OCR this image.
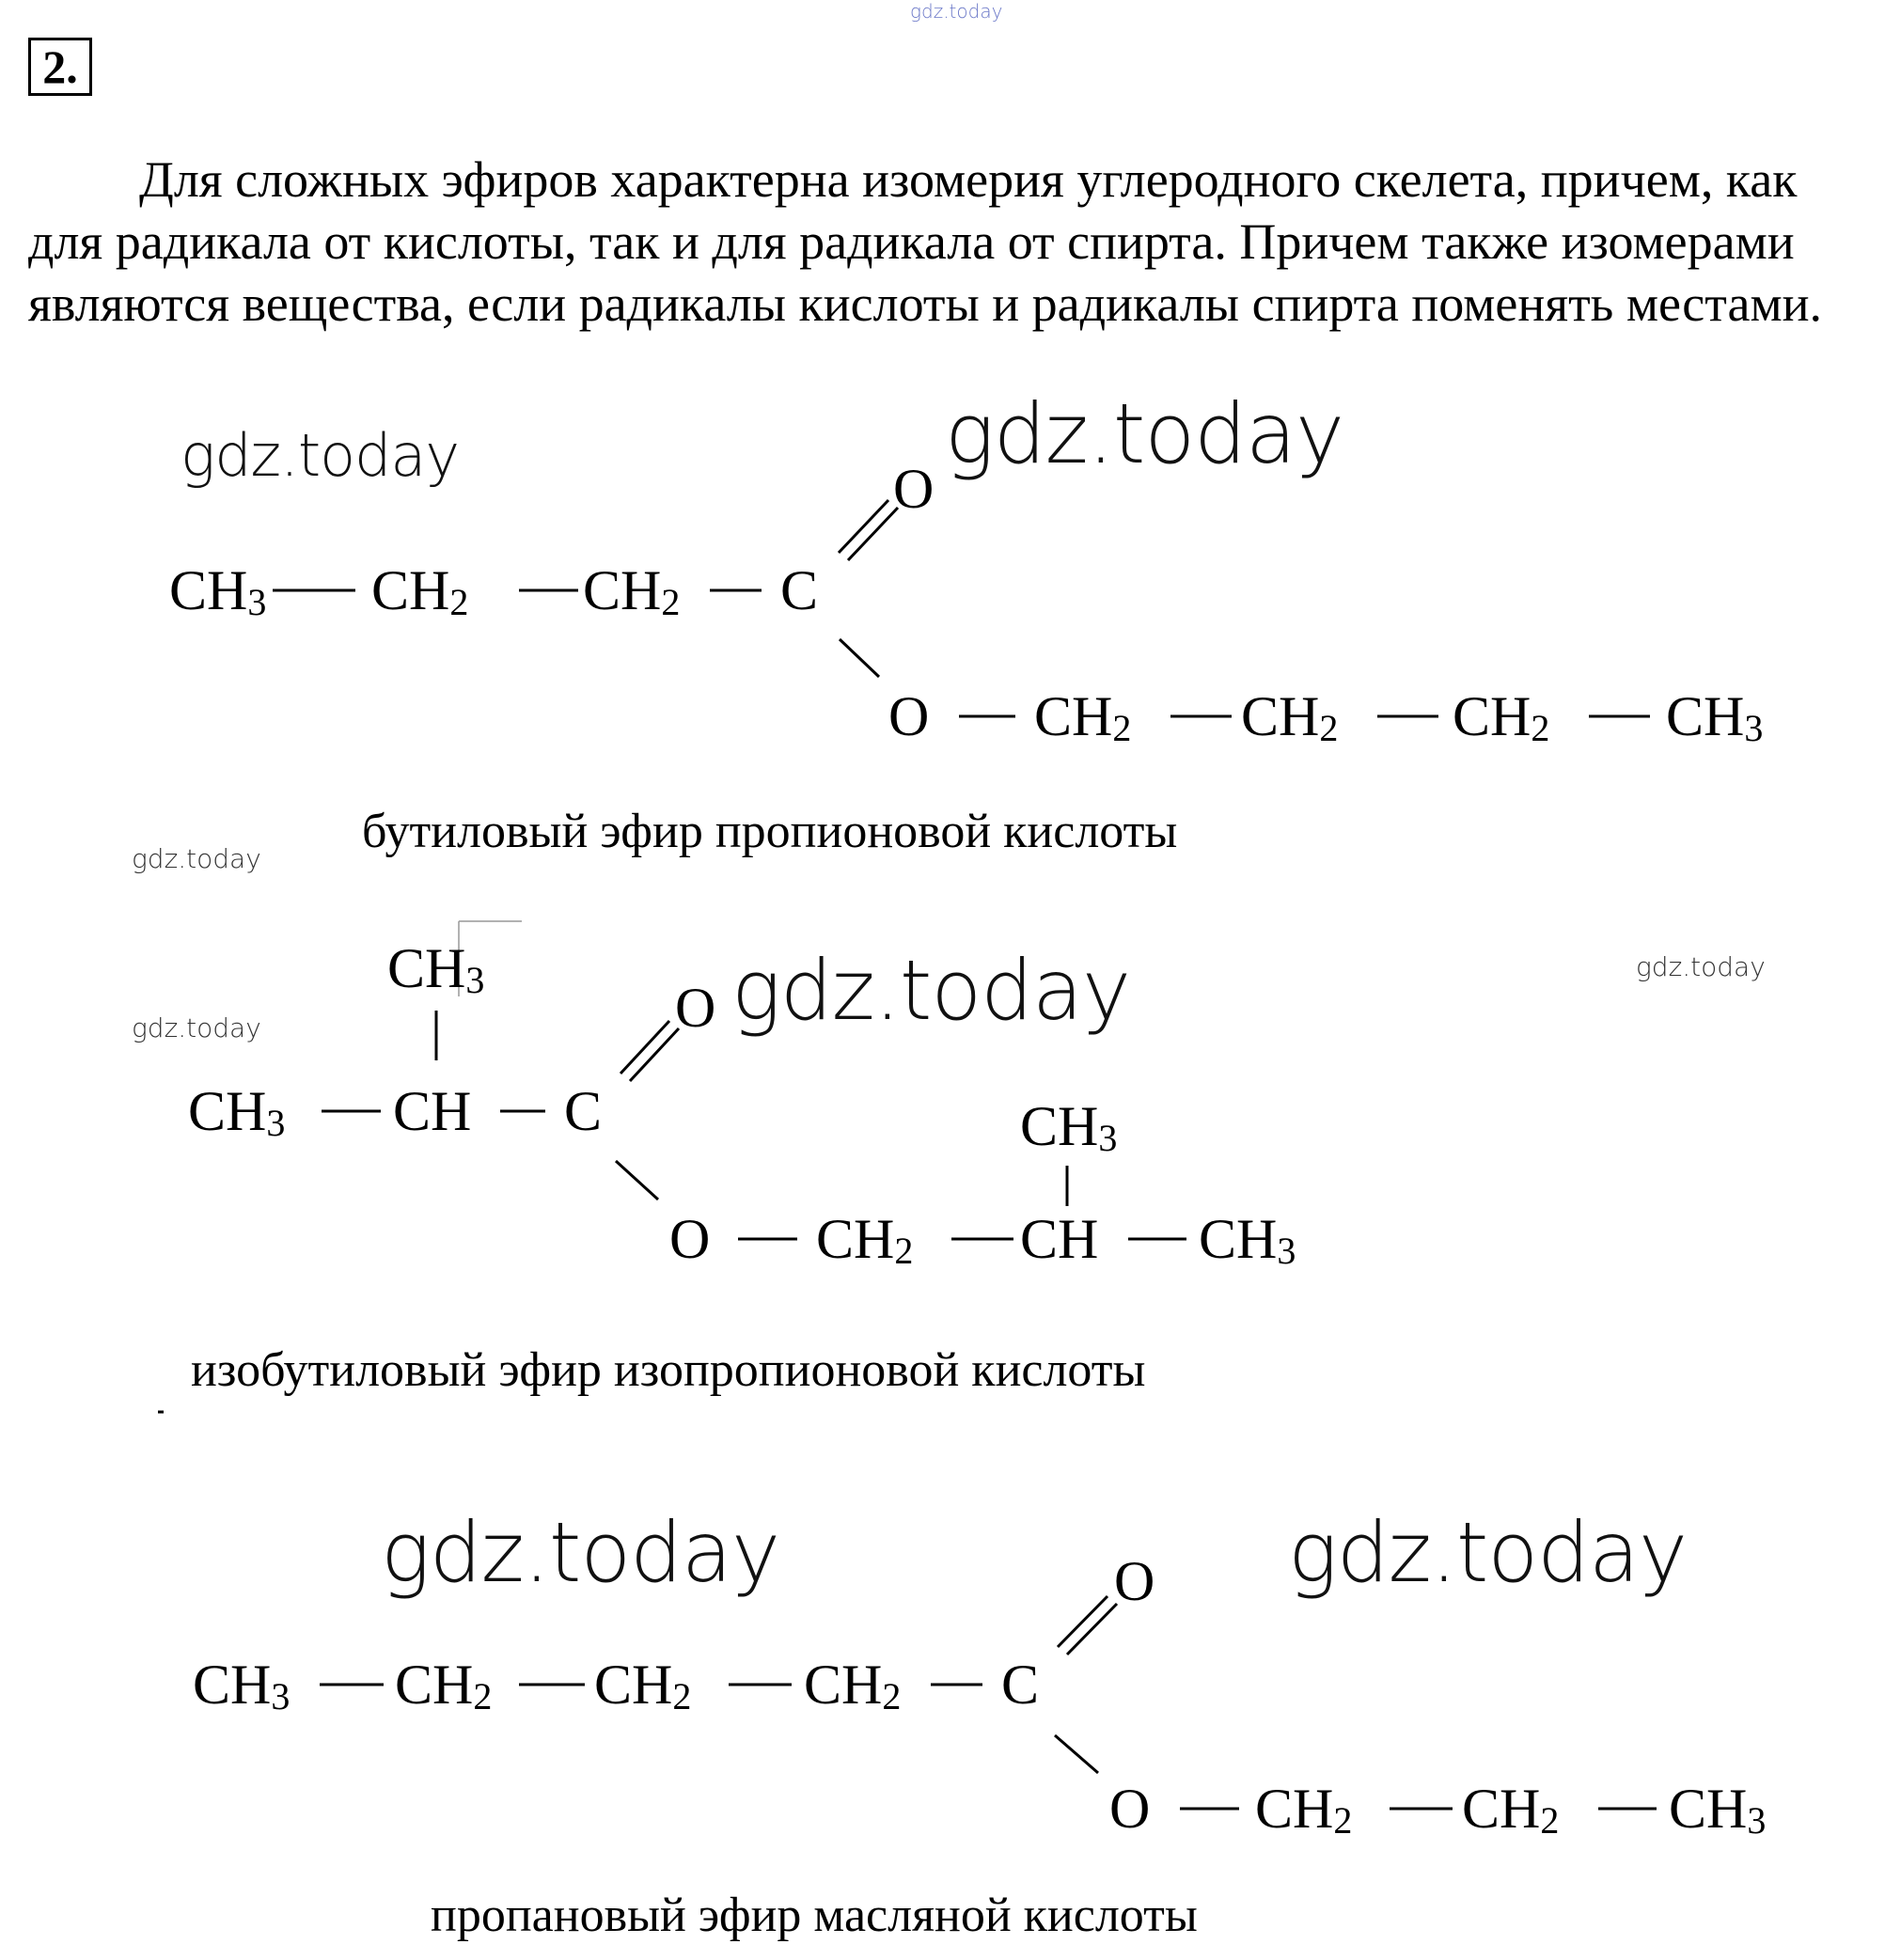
2.
gdz.today
Для сложных эфиров характерна изомерия углеродного скелета, причем, как для радикала от кислоты, так и для радикала от спирта. Причем также изомерами являются вещества, если радикалы кислоты и радикалы спирта поменять местами.
gdz.today	gdz.today
gdz.today
gdz.today
gdz.today	gdz.today
gdz.today	gdz.today
$CH_3$ $CH_2$ $CH_2$ C
O
O $CH_2$ $CH_2$ $CH_2$ $CH_3$
бутиловый эфир пропионовой кислоты
$CH_3$
$CH_3$ CH C
O
O $CH_2$
$CH_3$
CH $CH_3$
изобутиловый эфир изопропионовой кислоты
$CH_3$ $CH_2$ $CH_2$ $CH_2$ C
O
O $CH_2$ $CH_2$ $CH_3$
пропановый эфир масляной кислоты
